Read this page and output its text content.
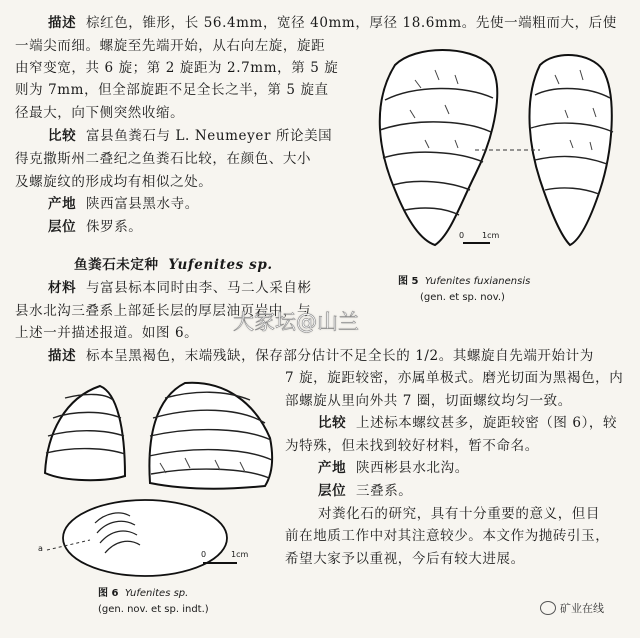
描述 棕红色，锥形，长 56.4mm，宽径 40mm，厚径 18.6mm。先使一端粗而大，后使
一端尖而细。螺旋至先端开始，从右向左旋，旋距
由窄变宽，共 6 旋；第 2 旋距为 2.7mm，第 5 旋
则为 7mm，但全部旋距不足全长之半，第 5 旋直
径最大，向下侧突然收缩。
比较 富县鱼粪石与 L. Neumeyer 所论美国
得克撒斯州二叠纪之鱼粪石比较，在颜色、大小
及螺旋纹的形成均有相似之处。
产地 陕西富县黑水寺。
层位 侏罗系。
0 1cm
图 5 Yufenites fuxianensis
(gen. et sp. nov.)
鱼粪石未定种 Yufenites sp.
材料 与富县标本同时由李、马二人采自彬
县水北沟三叠系上部延长层的厚层油页岩中，与
上述一并描述报道。如图 6。
描述 标本呈黑褐色，末端残缺，保存部分估计不足全长的 1/2。其螺旋自先端开始计为
7 旋，旋距较密，亦属单极式。磨光切面为黑褐色，内
部螺旋从里向外共 7 圈，切面螺纹均匀一致。
比较 上述标本螺纹甚多，旋距较密（图 6），较
为特殊，但未找到较好材料，暂不命名。
产地 陕西彬县水北沟。
层位 三叠系。
对粪化石的研究，具有十分重要的意义，但目
前在地质工作中对其注意较少。本文作为抛砖引玉，
希望大家予以重视，今后有较大进展。
a
0	1cm
图 6 Yufenites sp.
(gen. nov. et sp. indt.)
大家坛@山兰
矿业在线
